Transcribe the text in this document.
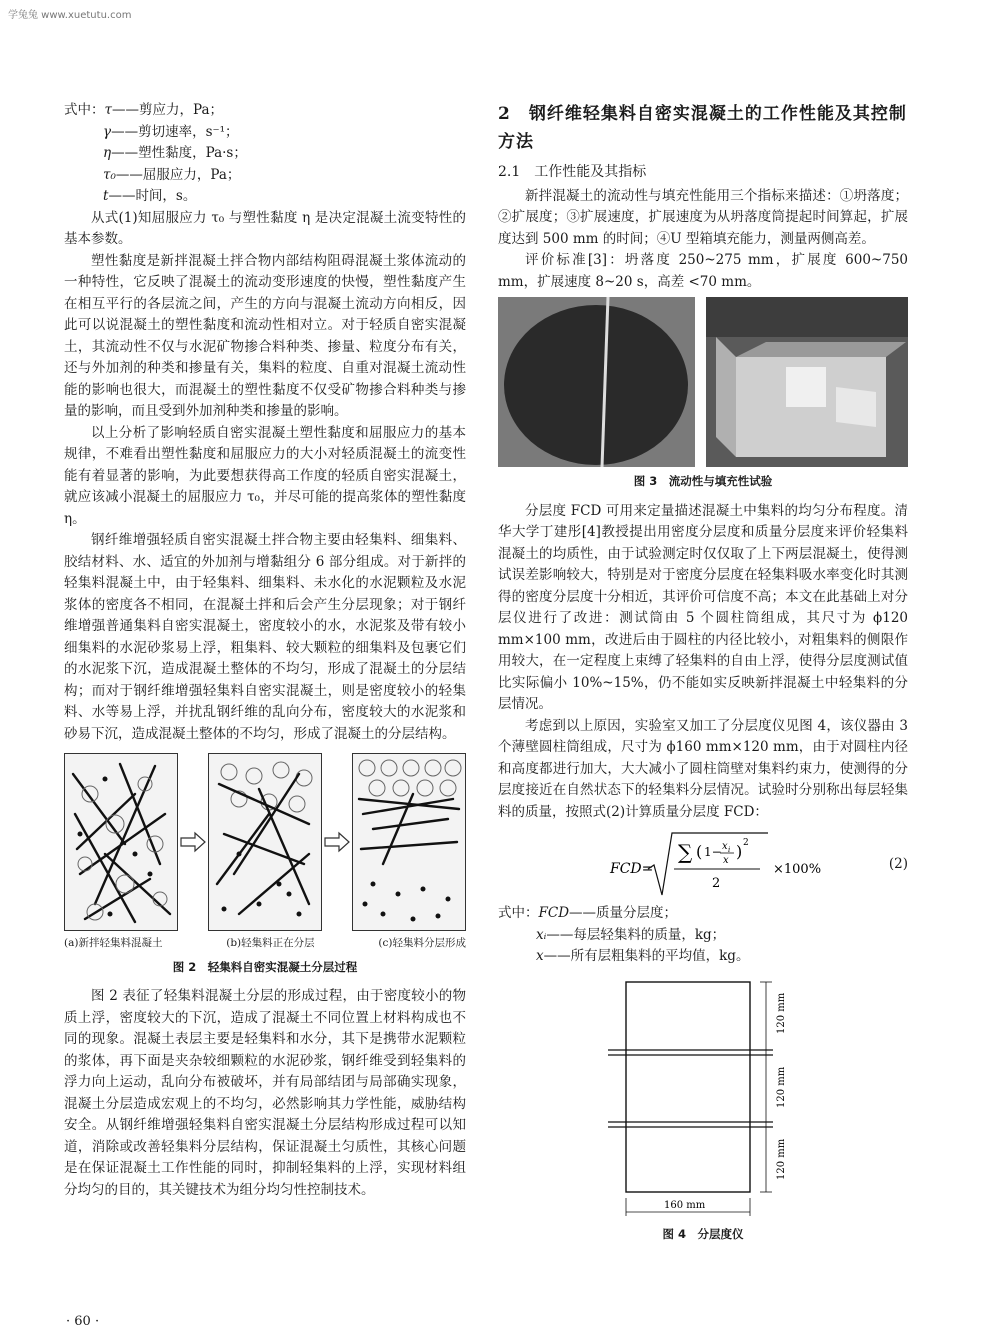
学兔兔 www.xuetutu.com
式中：τ——剪应力，Pa；
γ——剪切速率，s⁻¹；
η——塑性黏度，Pa·s；
τ₀——屈服应力，Pa；
t——时间，s。

从式(1)知屈服应力 τ₀ 与塑性黏度 η 是决定混凝土流变特性的基本参数。

塑性黏度是新拌混凝土拌合物内部结构阻碍混凝土浆体流动的一种特性，它反映了混凝土的流动变形速度的快慢，塑性黏度产生在相互平行的各层流之间，产生的方向与混凝土流动方向相反，因此可以说混凝土的塑性黏度和流动性相对立。对于轻质自密实混凝土，其流动性不仅与水泥矿物掺合料种类、掺量、粒度分布有关，还与外加剂的种类和掺量有关，集料的粒度、自重对混凝土流动性能的影响也很大，而混凝土的塑性黏度不仅受矿物掺合料种类与掺量的影响，而且受到外加剂种类和掺量的影响。

以上分析了影响轻质自密实混凝土塑性黏度和屈服应力的基本规律，不难看出塑性黏度和屈服应力的大小对轻质混凝土的流变性能有着显著的影响，为此要想获得高工作度的轻质自密实混凝土，就应该减小混凝土的屈服应力 τ₀，并尽可能的提高浆体的塑性黏度 η。

钢纤维增强轻质自密实混凝土拌合物主要由轻集料、细集料、胶结材料、水、适宜的外加剂与增黏组分 6 部分组成。对于新拌的轻集料混凝土中，由于轻集料、细集料、未水化的水泥颗粒及水泥浆体的密度各不相同，在混凝土拌和后会产生分层现象；对于钢纤维增强普通集料自密实混凝土，密度较小的水，水泥浆及带有较小细集料的水泥砂浆易上浮，粗集料、较大颗粒的细集料及包裹它们的水泥浆下沉，造成混凝土整体的不均匀，形成了混凝土的分层结构；而对于钢纤维增强轻集料自密实混凝土，则是密度较小的轻集料、水等易上浮，并扰乱钢纤维的乱向分布，密度较大的水泥浆和砂易下沉，造成混凝土整体的不均匀，形成了混凝土的分层结构。

(a)新拌轻集料混凝土	(b)轻集料正在分层	(c)轻集料分层形成
图 2　轻集料自密实混凝土分层过程

图 2 表征了轻集料混凝土分层的形成过程，由于密度较小的物质上浮，密度较大的下沉，造成了混凝土不同位置上材料构成也不同的现象。混凝土表层主要是轻集料和水分，其下是携带水泥颗粒的浆体，再下面是夹杂较细颗粒的水泥砂浆，钢纤维受到轻集料的浮力向上运动，乱向分布被破坏，并有局部结团与局部确实现象，混凝土分层造成宏观上的不均匀，必然影响其力学性能，威胁结构安全。从钢纤维增强轻集料自密实混凝土分层结构形成过程可以知道，消除或改善轻集料分层结构，保证混凝土匀质性，其核心问题是在保证混凝土工作性能的同时，抑制轻集料的上浮，实现材料组分均匀的目的，其关键技术为组分均匀性控制技术。

2　钢纤维轻集料自密实混凝土的工作性能及其控制方法
2.1　工作性能及其指标

新拌混凝土的流动性与填充性能用三个指标来描述：①坍落度；②扩展度；③扩展速度，扩展速度为从坍落度筒提起时间算起，扩展度达到 500 mm 的时间；④U 型箱填充能力，测量两侧高差。

评价标准[3]：坍落度 250~275 mm，扩展度 600~750 mm，扩展速度 8~20 s，高差 <70 mm。

图 3　流动性与填充性试验

分层度 FCD 可用来定量描述混凝土中集料的均匀分布程度。清华大学丁建彤[4]教授提出用密度分层度和质量分层度来评价轻集料混凝土的均质性，由于试验测定时仅仅取了上下两层混凝土，使得测试误差影响较大，特别是对于密度分层度在轻集料吸水率变化时其测得的密度分层度十分相近，其评价可信度不高；本文在此基础上对分层仪进行了改进：测试筒由 5 个圆柱筒组成，其尺寸为 ϕ120 mm×100 mm，改进后由于圆柱的内径比较小，对粗集料的侧限作用较大，在一定程度上束缚了轻集料的自由上浮，使得分层度测试值比实际偏小 10%~15%，仍不能如实反映新拌混凝土中轻集料的分层情况。

考虑到以上原因，实验室又加工了分层度仪见图 4，该仪器由 3 个薄壁圆柱筒组成，尺寸为 ϕ160 mm×120 mm，由于对圆柱内径和高度都进行加大，大大减小了圆柱筒壁对集料约束力，使测得的分层度接近在自然状态下的轻集料分层情况。试验时分别称出每层轻集料的质量，按照式(2)计算质量分层度 FCD：

FCD=
∑ ( 1− x i
x ) 2
2
×100%	(2)
式中：FCD——质量分层度；
xᵢ——每层轻集料的质量，kg；
x——所有层粗集料的平均值，kg。
120 mm
120 mm
120 mm
160 mm
图 4　分层度仪
· 60 ·
